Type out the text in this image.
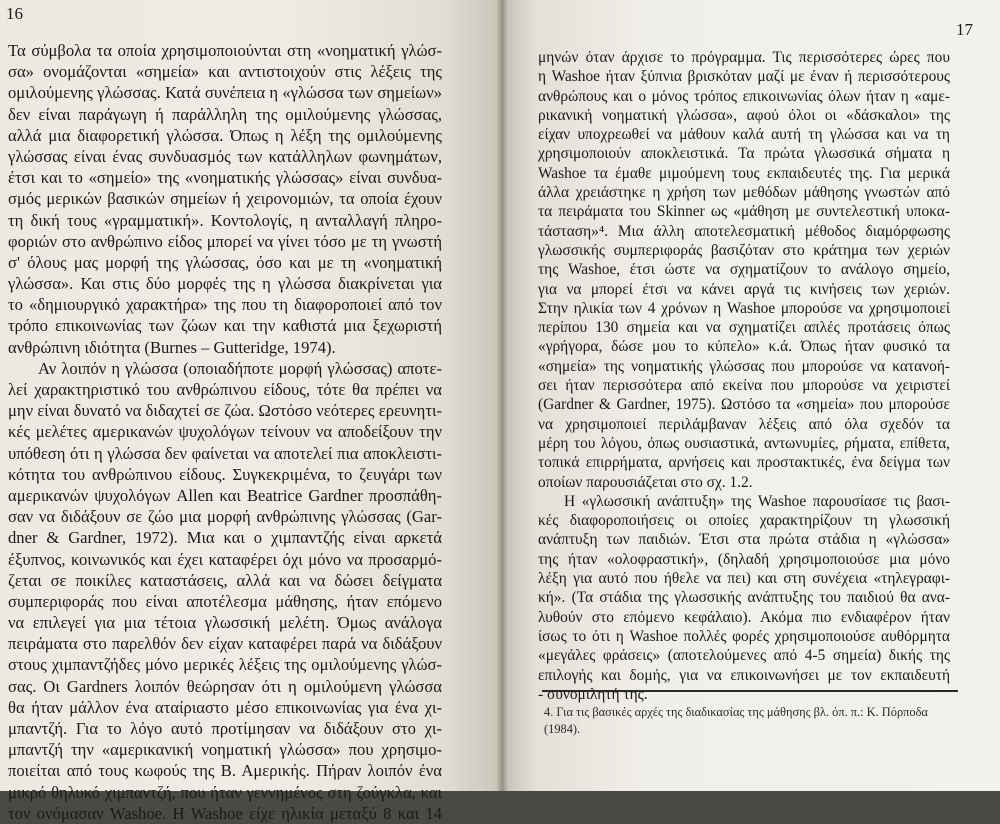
16
Τα σύμβολα τα οποία χρησιμοποιούνται στη «νοηματική γλώσ-
σα» ονομάζονται «σημεία» και αντιστοιχούν στις λέξεις της
ομιλούμενης γλώσσας. Κατά συνέπεια η «γλώσσα των σημείων»
δεν είναι παράγωγη ή παράλληλη της ομιλούμενης γλώσσας,
αλλά μια διαφορετική γλώσσα. Όπως η λέξη της ομιλούμενης
γλώσσας είναι ένας συνδυασμός των κατάλληλων φωνημάτων,
έτσι και το «σημείο» της «νοηματικής γλώσσας» είναι συνδυα-
σμός μερικών βασικών σημείων ή χειρονομιών, τα οποία έχουν
τη δική τους «γραμματική». Κοντολογίς, η ανταλλαγή πληρο-
φοριών στο ανθρώπινο είδος μπορεί να γίνει τόσο με τη γνωστή
σ' όλους μας μορφή της γλώσσας, όσο και με τη «νοηματική
γλώσσα». Και στις δύο μορφές της η γλώσσα διακρίνεται για
το «δημιουργικό χαρακτήρα» της που τη διαφοροποιεί από τον
τρόπο επικοινωνίας των ζώων και την καθιστά μια ξεχωριστή
ανθρώπινη ιδιότητα (Burnes – Gutteridge, 1974).
Αν λοιπόν η γλώσσα (οποιαδήποτε μορφή γλώσσας) αποτε-
λεί χαρακτηριστικό του ανθρώπινου είδους, τότε θα πρέπει να
μην είναι δυνατό να διδαχτεί σε ζώα. Ωστόσο νεότερες ερευνητι-
κές μελέτες αμερικανών ψυχολόγων τείνουν να αποδείξουν την
υπόθεση ότι η γλώσσα δεν φαίνεται να αποτελεί πια αποκλειστι-
κότητα του ανθρώπινου είδους. Συγκεκριμένα, το ζευγάρι των
αμερικανών ψυχολόγων Allen και Beatrice Gardner προσπάθη-
σαν να διδάξουν σε ζώο μια μορφή ανθρώπινης γλώσσας (Gar-
dner & Gardner, 1972). Μια και ο χιμπαντζής είναι αρκετά
έξυπνος, κοινωνικός και έχει καταφέρει όχι μόνο να προσαρμό-
ζεται σε ποικίλες καταστάσεις, αλλά και να δώσει δείγματα
συμπεριφοράς που είναι αποτέλεσμα μάθησης, ήταν επόμενο
να επιλεγεί για μια τέτοια γλωσσική μελέτη. Όμως ανάλογα
πειράματα στο παρελθόν δεν είχαν καταφέρει παρά να διδάξουν
στους χιμπαντζήδες μόνο μερικές λέξεις της ομιλούμενης γλώσ-
σας. Οι Gardners λοιπόν θεώρησαν ότι η ομιλούμενη γλώσσα
θα ήταν μάλλον ένα αταίριαστο μέσο επικοινωνίας για ένα χι-
μπαντζή. Για το λόγο αυτό προτίμησαν να διδάξουν στο χι-
μπαντζή την «αμερικανική νοηματική γλώσσα» που χρησιμο-
ποιείται από τους κωφούς της Β. Αμερικής. Πήραν λοιπόν ένα
μικρό θηλυκό χιμπαντζή, που ήταν γεννημένος στη ζούγκλα, και
τον ονόμασαν Washoe. Η Washoe είχε ηλικία μεταξύ 8 και 14
17
μηνών όταν άρχισε το πρόγραμμα. Τις περισσότερες ώρες που
η Washoe ήταν ξύπνια βρισκόταν μαζί με έναν ή περισσότερους
ανθρώπους και ο μόνος τρόπος επικοινωνίας όλων ήταν η «αμε-
ρικανική νοηματική γλώσσα», αφού όλοι οι «δάσκαλοι» της
είχαν υποχρεωθεί να μάθουν καλά αυτή τη γλώσσα και να τη
χρησιμοποιούν αποκλειστικά. Τα πρώτα γλωσσικά σήματα η
Washoe τα έμαθε μιμούμενη τους εκπαιδευτές της. Για μερικά
άλλα χρειάστηκε η χρήση των μεθόδων μάθησης γνωστών από
τα πειράματα του Skinner ως «μάθηση με συντελεστική υποκα-
τάσταση»⁴. Μια άλλη αποτελεσματική μέθοδος διαμόρφωσης
γλωσσικής συμπεριφοράς βασιζόταν στο κράτημα των χεριών
της Washoe, έτσι ώστε να σχηματίζουν το ανάλογο σημείο,
για να μπορεί έτσι να κάνει αργά τις κινήσεις των χεριών.
Στην ηλικία των 4 χρόνων η Washoe μπορούσε να χρησιμοποιεί
περίπου 130 σημεία και να σχηματίζει απλές προτάσεις όπως
«γρήγορα, δώσε μου το κύπελο» κ.ά. Όπως ήταν φυσικό τα
«σημεία» της νοηματικής γλώσσας που μπορούσε να κατανοή-
σει ήταν περισσότερα από εκείνα που μπορούσε να χειριστεί
(Gardner & Gardner, 1975). Ωστόσο τα «σημεία» που μπορούσε
να χρησιμοποιεί περιλάμβαναν λέξεις από όλα σχεδόν τα
μέρη του λόγου, όπως ουσιαστικά, αντωνυμίες, ρήματα, επίθετα,
τοπικά επιρρήματα, αρνήσεις και προστακτικές, ένα δείγμα των
οποίων παρουσιάζεται στο σχ. 1.2.
Η «γλωσσική ανάπτυξη» της Washoe παρουσίασε τις βασι-
κές διαφοροποιήσεις οι οποίες χαρακτηρίζουν τη γλωσσική
ανάπτυξη των παιδιών. Έτσι στα πρώτα στάδια η «γλώσσα»
της ήταν «ολοφραστική», (δηλαδή χρησιμοποιούσε μια μόνο
λέξη για αυτό που ήθελε να πει) και στη συνέχεια «τηλεγραφι-
κή». (Τα στάδια της γλωσσικής ανάπτυξης του παιδιού θα ανα-
λυθούν στο επόμενο κεφάλαιο). Ακόμα πιο ενδιαφέρον ήταν
ίσως το ότι η Washoe πολλές φορές χρησιμοποιούσε αυθόρμητα
«μεγάλες φράσεις» (αποτελούμενες από 4-5 σημεία) δικής της
επιλογής και δομής, για να επικοινωνήσει με τον εκπαιδευτή
- συνομιλητή της.
4. Για τις βασικές αρχές της διαδικασίας της μάθησης βλ. όπ. π.: Κ. Πόρποδα
(1984).
